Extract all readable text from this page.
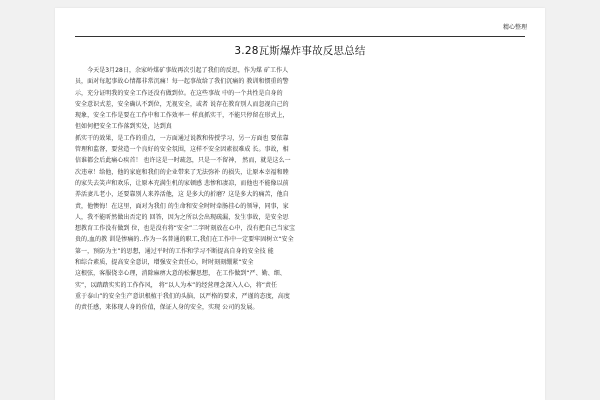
精心整理
3.28瓦斯爆炸事故反思总结
　　今天是3月28日，余家岭煤矿事故再次引起了我们的反思，作为煤 矿工作人
员，面对每起事故心情都非常沉痛！每一起事故给了我们沉痛的 教训和惯重的警
示，充分证明我的安全工作还没有做到位。在这些事故 中的一个共性是自身的
安全意识式差，安全确认不到位，无视安全，或者 说存在教育别人而忽视自己的
现象，安全工作是要在工作中和工作效率一 样真抓实干，不能只停留在形式上，
但如何把安全工作落到实处，达到真
抓实干的效果，是工作的重点，一方面通过说教和传授学习，另一方面也 要依靠
管理和监督，要营造一个良好的安全氛围，这样不安全因素很难成 长。事故，相
信谁都会后此痛心疾首！ 也许这是一时疏忽，只是一不留神， 然而，就是这么一
次违章！给他，他的家庭和我们的企业带来了无法弥补 的损失，让原本幸福和睦
的家失去笑声和欢乐，让原本充满生机的家顿感 悲惨和凄凉，而他也不能像以前
养活妻儿老小，还要靠别人来养活他，这 是多大的折磨？这是多大的痛苦，他自
责，他懊悔！在这里，面对为我们 的生命和安全时时牵肠挂心的领导，同事，家
人，我不能昕然做出否定的 回答，因为之所以会出现疏漏，发生事故，是安全思
想教育工作没有做到 位，也是没有将“安全”二字时刻放在心中，没有把自己当家宝
贵的,血的教 训是惨痛的..作为一名普通的职工,我们在工作中一定要牢固树立“安全
第一，预防为主”的思想，通过平时的工作和学习不断提高自身的安全技 能
和综合素质，提高安全意识，增强安全责任心，时时刻刻绷紧“安全
这根弦，客服侥幸心理，消除麻痹大意的松懈思想， 在工作做到“严、勤、细、
实”，以踏踏实实的工作作风， 将“以人为本”的经营理念深入人心，将“责任
重于泰山”的安全生产意识根植于我们的头脑，以严格的要求，严谨的态度，高度
的责任感，来体现人身的价值，保证人身的安全，实现 公司的发展。
